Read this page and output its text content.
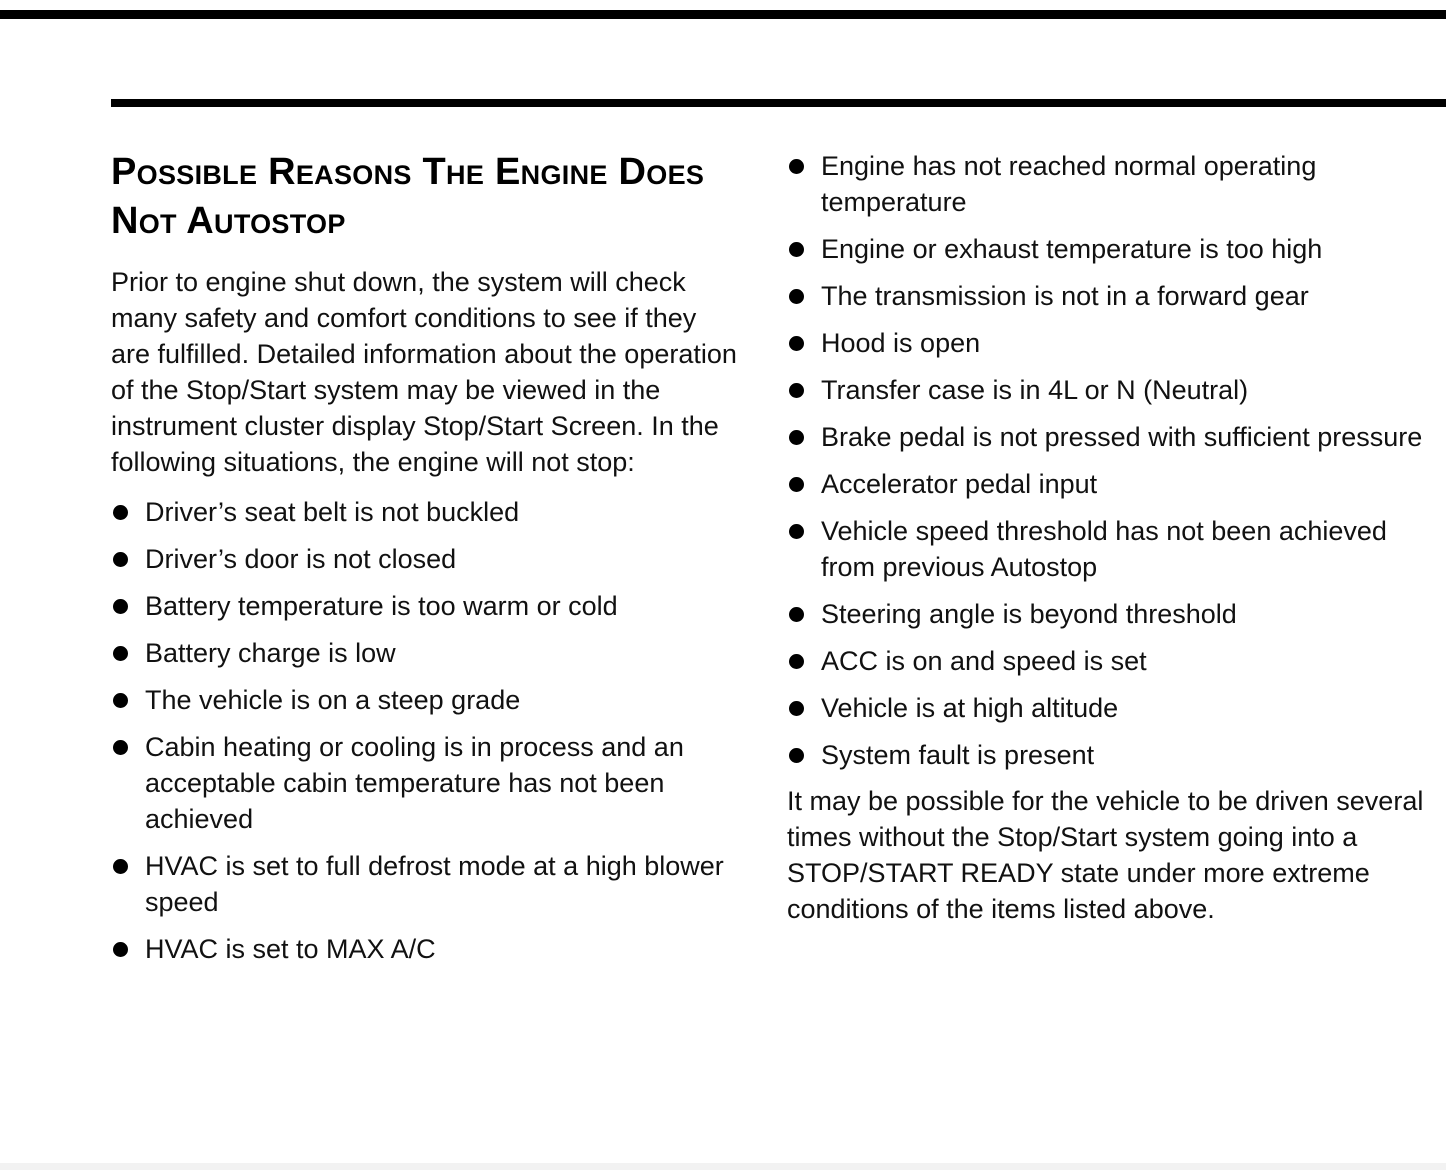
Possible Reasons The Engine Does Not Autostop

Prior to engine shut down, the system will check many safety and comfort conditions to see if they are fulfilled. Detailed information about the operation of the Stop/Start system may be viewed in the instrument cluster display Stop/Start Screen. In the following situations, the engine will not stop:

Driver’s seat belt is not buckled
Driver’s door is not closed
Battery temperature is too warm or cold
Battery charge is low
The vehicle is on a steep grade
Cabin heating or cooling is in process and an acceptable cabin temperature has not been achieved
HVAC is set to full defrost mode at a high blower speed
HVAC is set to MAX A/C
Engine has not reached normal operating temperature
Engine or exhaust temperature is too high
The transmission is not in a forward gear
Hood is open
Transfer case is in 4L or N (Neutral)
Brake pedal is not pressed with sufficient pressure
Accelerator pedal input
Vehicle speed threshold has not been achieved from previous Autostop
Steering angle is beyond threshold
ACC is on and speed is set
Vehicle is at high altitude
System fault is present

It may be possible for the vehicle to be driven several times without the Stop/Start system going into a STOP/START READY state under more extreme conditions of the items listed above.
